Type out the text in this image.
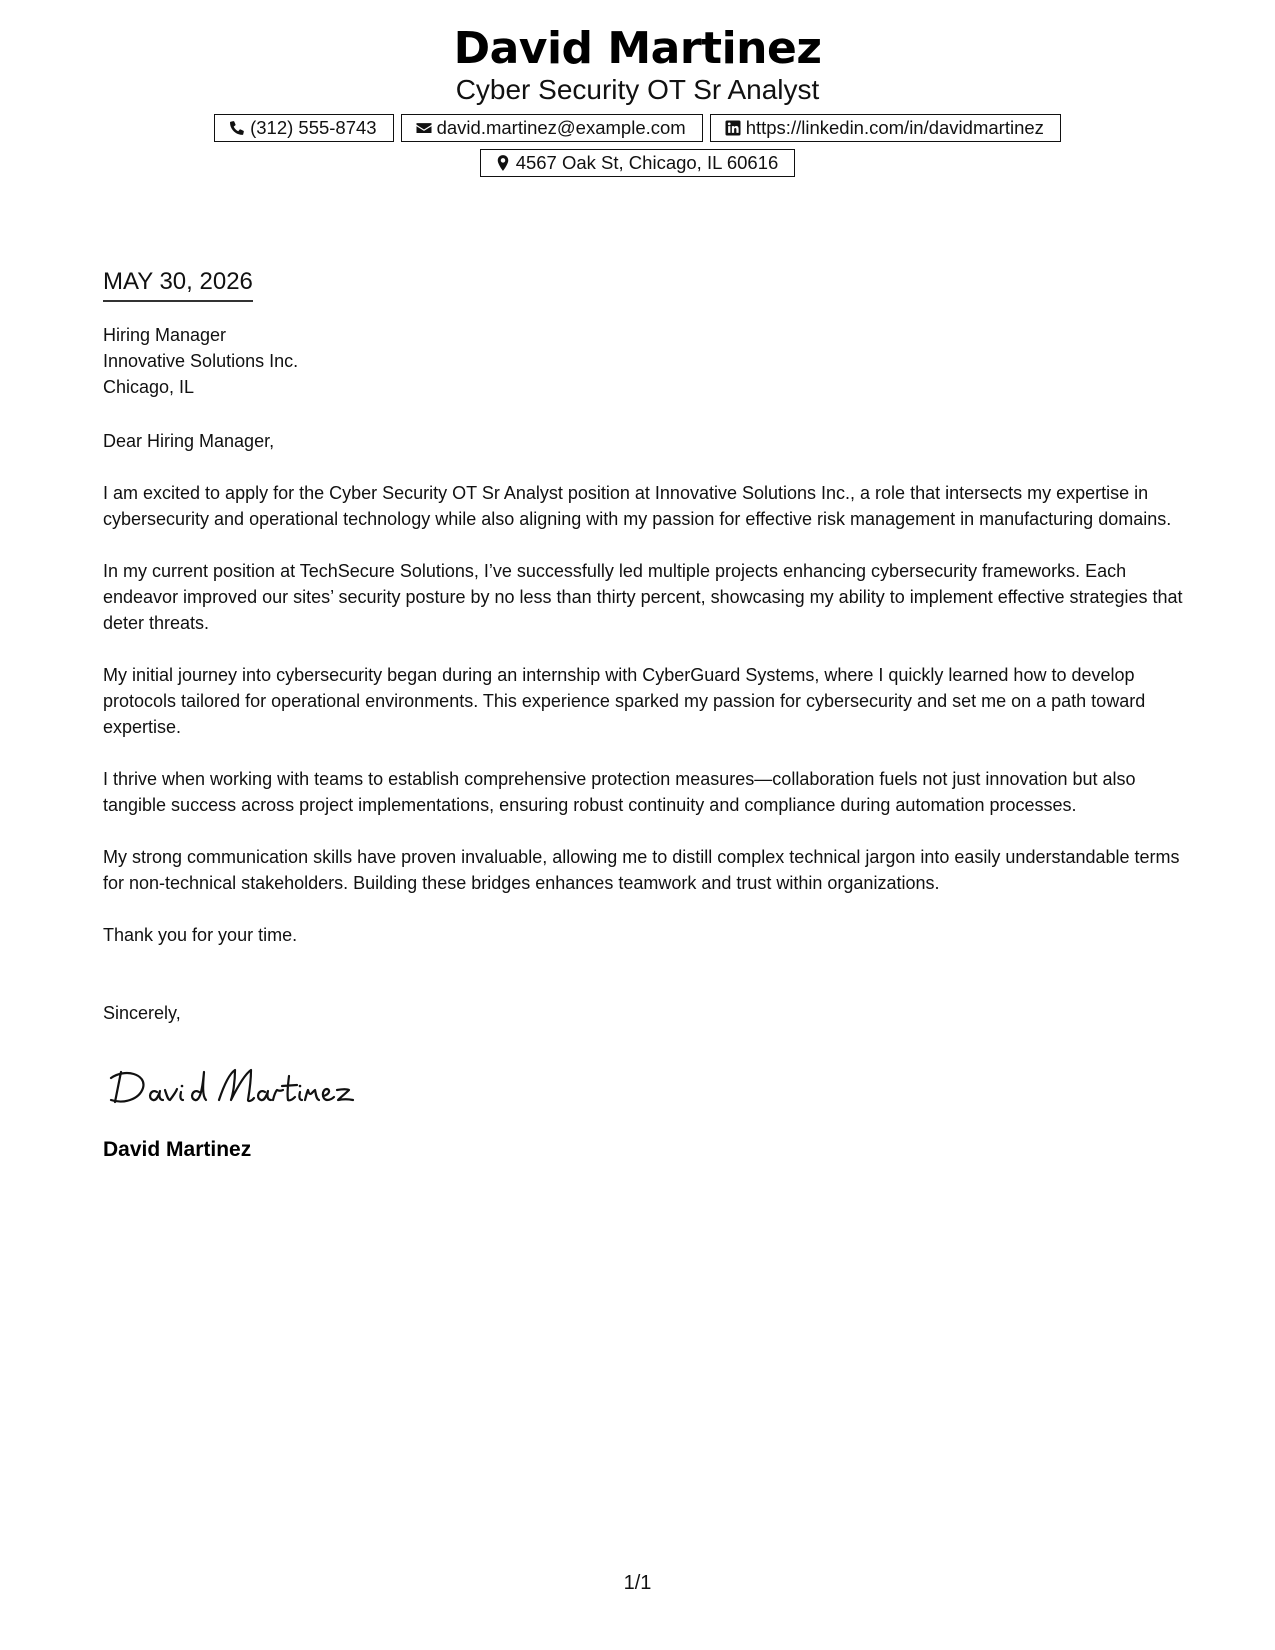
David Martinez
Cyber Security OT Sr Analyst
(312) 555-8743	david.martinez@example.com	https://linkedin.com/in/davidmartinez
4567 Oak St, Chicago, IL 60616
MAY 30, 2026
Hiring Manager
Innovative Solutions Inc.
Chicago, IL
Dear Hiring Manager,
I am excited to apply for the Cyber Security OT Sr Analyst position at Innovative Solutions Inc., a role that intersects my expertise in cybersecurity and operational technology while also aligning with my passion for effective risk management in manufacturing domains.
In my current position at TechSecure Solutions, I’ve successfully led multiple projects enhancing cybersecurity frameworks. Each endeavor improved our sites’ security posture by no less than thirty percent, showcasing my ability to implement effective strategies that deter threats.
My initial journey into cybersecurity began during an internship with CyberGuard Systems, where I quickly learned how to develop protocols tailored for operational environments. This experience sparked my passion for cybersecurity and set me on a path toward expertise.
I thrive when working with teams to establish comprehensive protection measures—collaboration fuels not just innovation but also tangible success across project implementations, ensuring robust continuity and compliance during automation processes.
My strong communication skills have proven invaluable, allowing me to distill complex technical jargon into easily understandable terms for non-technical stakeholders. Building these bridges enhances teamwork and trust within organizations.
Thank you for your time.
Sincerely,
David Martinez
1/1
